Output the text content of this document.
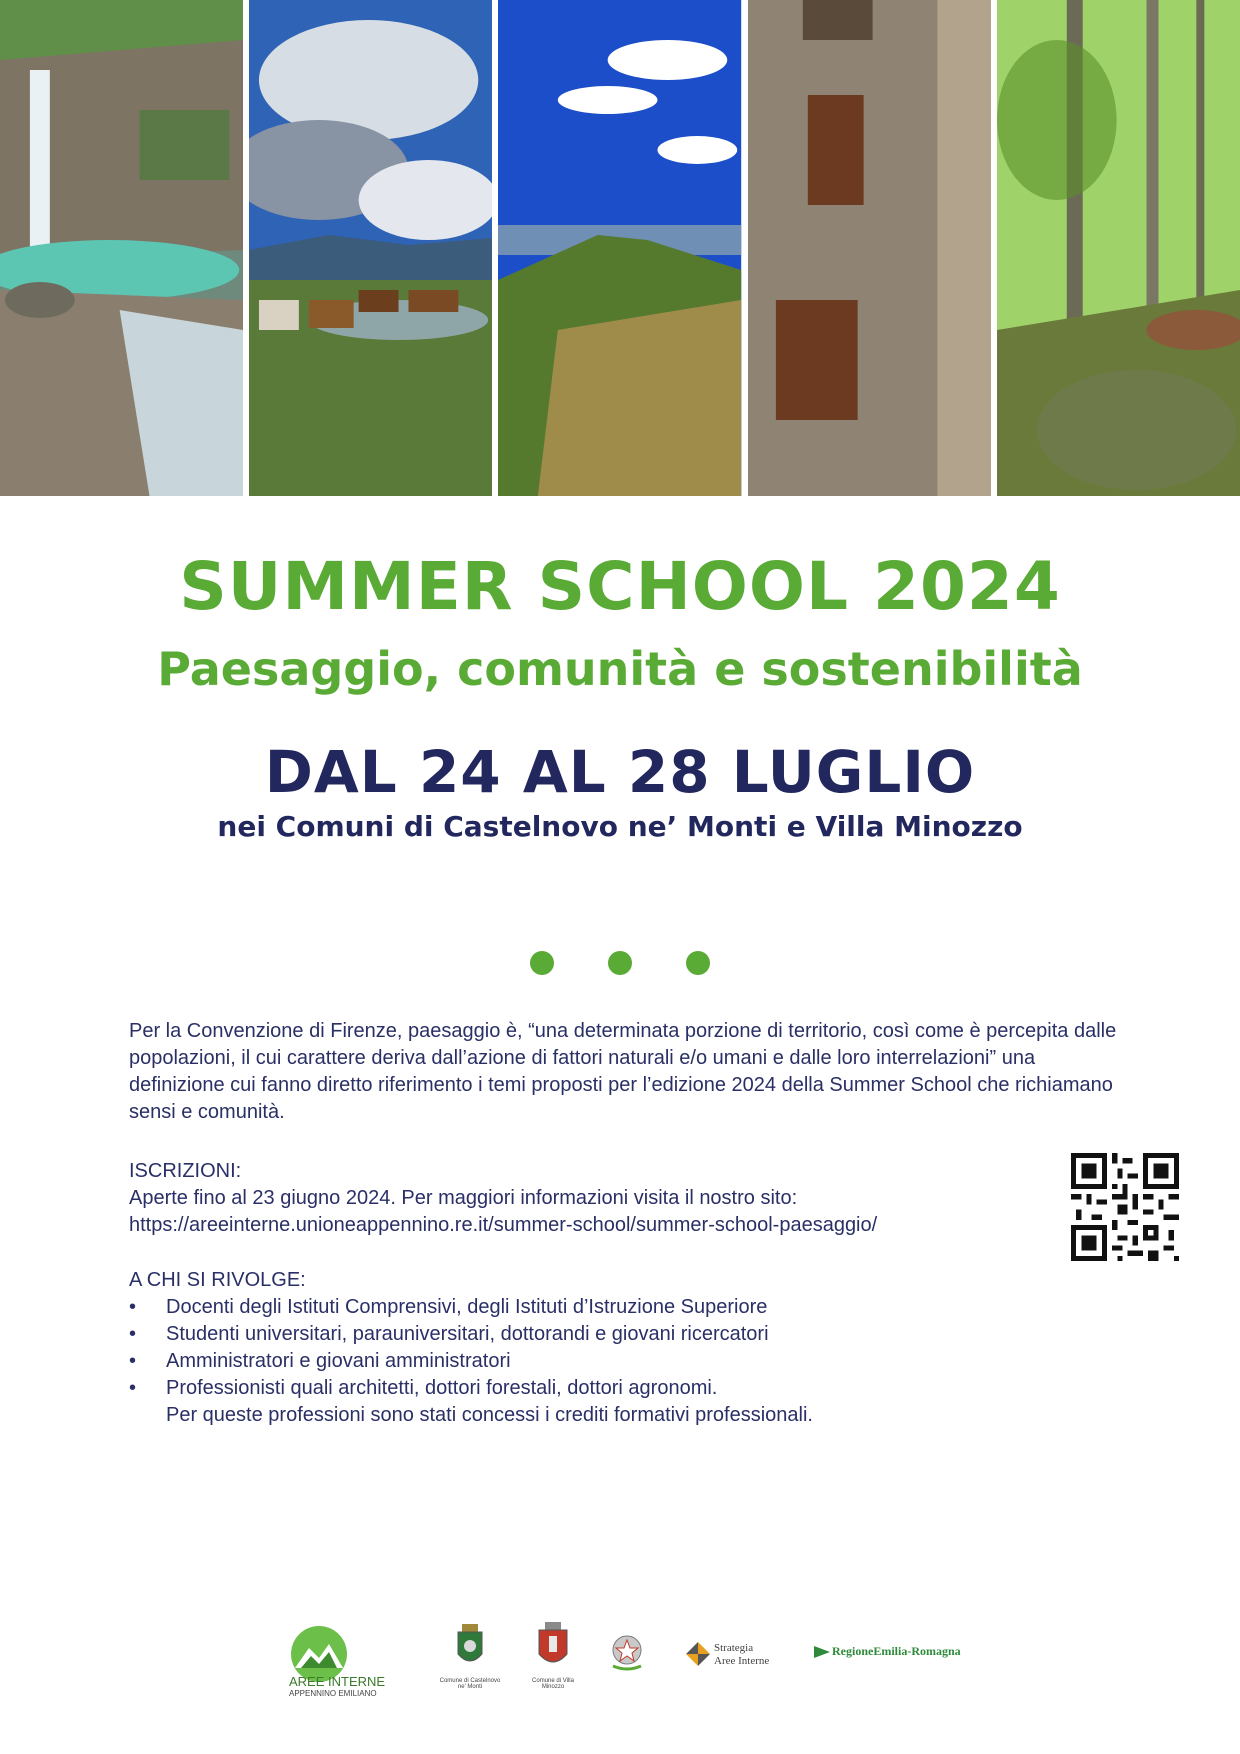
SUMMER SCHOOL 2024
Paesaggio, comunità e sostenibilità
DAL 24 AL 28 LUGLIO
nei Comuni di Castelnovo ne’ Monti e Villa Minozzo
Per la Convenzione di Firenze, paesaggio è, “una determinata porzione di territorio, così come è percepita dalle popolazioni, il cui carattere deriva dall’azione di fattori naturali e/o umani e dalle loro interrelazioni” una definizione cui fanno diretto riferimento i temi proposti per l’edizione 2024 della Summer School che richiamano sensi e comunità.
ISCRIZIONI:
Aperte fino al 23 giugno 2024. Per maggiori informazioni visita il nostro sito:
https://areeinterne.unioneappennino.re.it/summer-school/summer-school-paesaggio/
A CHI SI RIVOLGE:
• Docenti degli Istituti Comprensivi, degli Istituti d’Istruzione Superiore
• Studenti universitari, parauniversitari, dottorandi e giovani ricercatori
• Amministratori e giovani amministratori
• Professionisti quali architetti, dottori forestali, dottori agronomi.
Per queste professioni sono stati concessi i crediti formativi professionali.
AREE INTERNE
APPENNINO EMILIANO
Comune di Castelnovo ne' Monti
Comune di Villa Minozzo
Strategia
Aree Interne
RegioneEmilia-Romagna
